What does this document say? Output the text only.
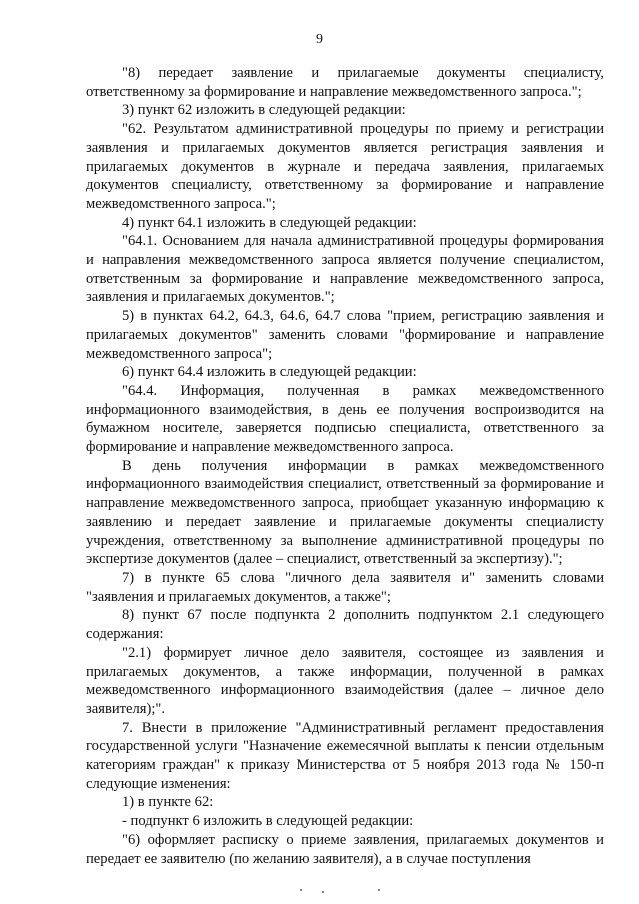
9

"8) передает заявление и прилагаемые документы специалисту, ответственному за формирование и направление межведомственного запроса.";

3) пункт 62 изложить в следующей редакции:

"62. Результатом административной процедуры по приему и регистрации заявления и прилагаемых документов является регистрация заявления и прилагаемых документов в журнале и передача заявления, прилагаемых документов специалисту, ответственному за формирование и направление межведомственного запроса.";

4) пункт 64.1 изложить в следующей редакции:

"64.1. Основанием для начала административной процедуры формирования и направления межведомственного запроса является получение специалистом, ответственным за формирование и направление межведомственного запроса, заявления и прилагаемых документов.";

5) в пунктах 64.2, 64.3, 64.6, 64.7 слова "прием, регистрацию заявления и прилагаемых документов" заменить словами "формирование и направление межведомственного запроса";

6) пункт 64.4 изложить в следующей редакции:

"64.4. Информация, полученная в рамках межведомственного информационного взаимодействия, в день ее получения воспроизводится на бумажном носителе, заверяется подписью специалиста, ответственного за формирование и направление межведомственного запроса.

В день получения информации в рамках межведомственного информационного взаимодействия специалист, ответственный за формирование и направление межведомственного запроса, приобщает указанную информацию к заявлению и передает заявление и прилагаемые документы специалисту учреждения, ответственному за выполнение административной процедуры по экспертизе документов (далее – специалист, ответственный за экспертизу).";

7) в пункте 65 слова "личного дела заявителя и" заменить словами "заявления и прилагаемых документов, а также";

8) пункт 67 после подпункта 2 дополнить подпунктом 2.1 следующего содержания:

"2.1) формирует личное дело заявителя, состоящее из заявления и прилагаемых документов, а также информации, полученной в рамках межведомственного информационного взаимодействия (далее – личное дело заявителя);".

7. Внести в приложение "Административный регламент предоставления государственной услуги "Назначение ежемесячной выплаты к пенсии отдельным категориям граждан" к приказу Министерства от 5 ноября 2013 года № 150-п следующие изменения:

1) в пункте 62:

- подпункт 6 изложить в следующей редакции:

"6) оформляет расписку о приеме заявления, прилагаемых документов и передает ее заявителю (по желанию заявителя), а в случае поступления
